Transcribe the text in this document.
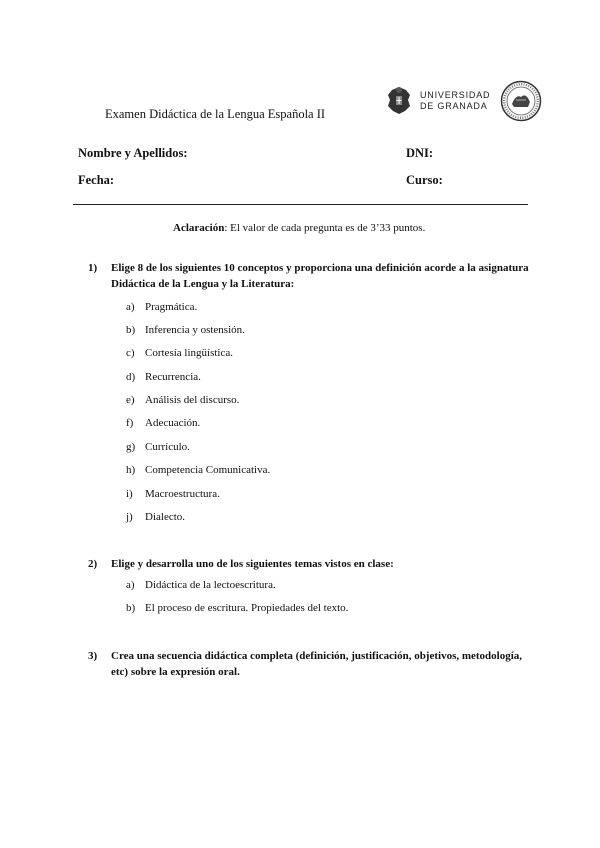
Examen Didáctica de la Lengua Española II
UNIVERSIDAD
DE GRANADA
Nombre y Apellidos:	DNI:
Fecha:	Curso:
Aclaración: El valor de cada pregunta es de 3’33 puntos.
1) Elige 8 de los siguientes 10 conceptos y proporciona una definición acorde a la asignatura Didáctica de la Lengua y la Literatura:
a) Pragmática.
b) Inferencia y ostensión.
c) Cortesía lingüística.
d) Recurrencia.
e) Análisis del discurso.
f) Adecuación.
g) Currículo.
h) Competencia Comunicativa.
i) Macroestructura.
j) Dialecto.
2) Elige y desarrolla uno de los siguientes temas vistos en clase:
a) Didáctica de la lectoescritura.
b) El proceso de escritura. Propiedades del texto.
3) Crea una secuencia didáctica completa (definición, justificación, objetivos, metodología, etc) sobre la expresión oral.
